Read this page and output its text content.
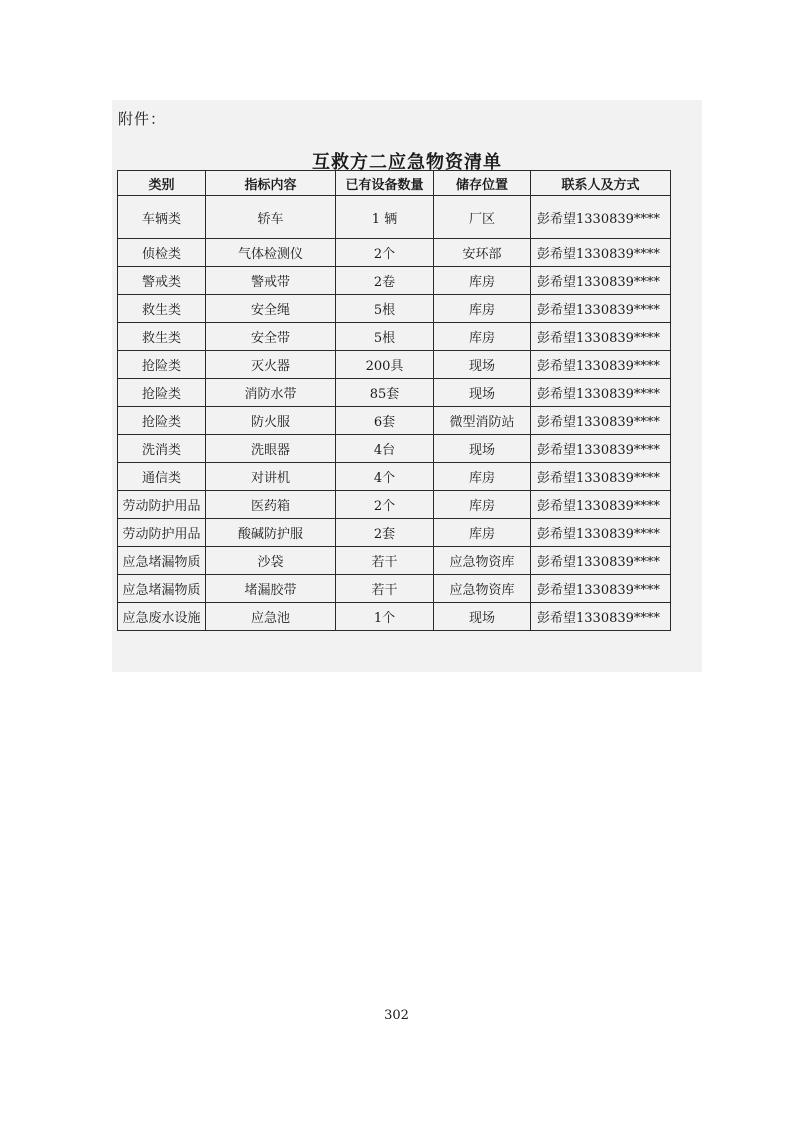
附件：
互救方二应急物资清单
类别	指标内容	已有设备数量	储存位置	联系人及方式
车辆类	轿车	1 辆	厂区	彭希望1330839****
侦检类	气体检测仪	2个	安环部	彭希望1330839****
警戒类	警戒带	2卷	库房	彭希望1330839****
救生类	安全绳	5根	库房	彭希望1330839****
救生类	安全带	5根	库房	彭希望1330839****
抢险类	灭火器	200具	现场	彭希望1330839****
抢险类	消防水带	85套	现场	彭希望1330839****
抢险类	防火服	6套	微型消防站	彭希望1330839****
洗消类	洗眼器	4台	现场	彭希望1330839****
通信类	对讲机	4个	库房	彭希望1330839****
劳动防护用品	医药箱	2个	库房	彭希望1330839****
劳动防护用品	酸碱防护服	2套	库房	彭希望1330839****
应急堵漏物质	沙袋	若干	应急物资库	彭希望1330839****
应急堵漏物质	堵漏胶带	若干	应急物资库	彭希望1330839****
应急废水设施	应急池	1个	现场	彭希望1330839****
302
